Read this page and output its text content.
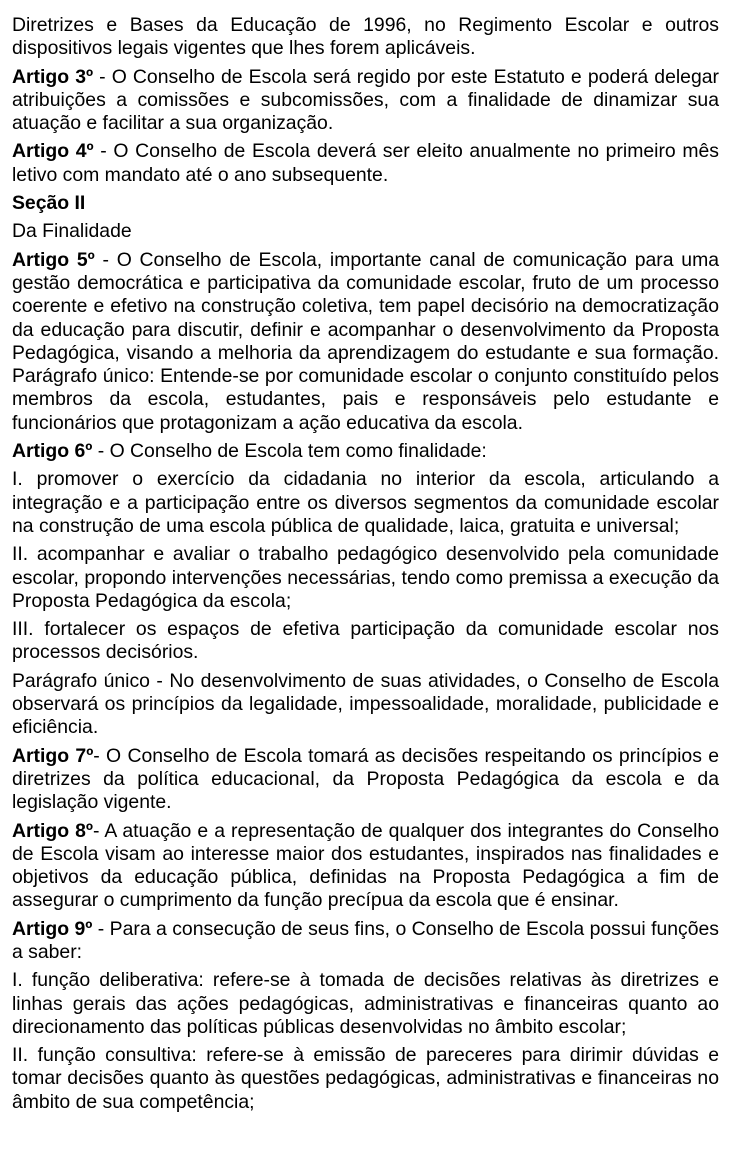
Diretrizes e Bases da Educação de 1996, no Regimento Escolar e outros dispositivos legais vigentes que lhes forem aplicáveis.

Artigo 3º - O Conselho de Escola será regido por este Estatuto e poderá delegar atribuições a comissões e subcomissões, com a finalidade de dinamizar sua atuação e facilitar a sua organização.

Artigo 4º - O Conselho de Escola deverá ser eleito anualmente no primeiro mês letivo com mandato até o ano subsequente.

Seção II

Da Finalidade

Artigo 5º - O Conselho de Escola, importante canal de comunicação para uma gestão democrática e participativa da comunidade escolar, fruto de um processo coerente e efetivo na construção coletiva, tem papel decisório na democratização da educação para discutir, definir e acompanhar o desenvolvimento da Proposta Pedagógica, visando a melhoria da aprendizagem do estudante e sua formação. Parágrafo único: Entende-se por comunidade escolar o conjunto constituído pelos membros da escola, estudantes, pais e responsáveis pelo estudante e funcionários que protagonizam a ação educativa da escola.

Artigo 6º - O Conselho de Escola tem como finalidade:

I. promover o exercício da cidadania no interior da escola, articulando a integração e a participação entre os diversos segmentos da comunidade escolar na construção de uma escola pública de qualidade, laica, gratuita e universal;

II. acompanhar e avaliar o trabalho pedagógico desenvolvido pela comunidade escolar, propondo intervenções necessárias, tendo como premissa a execução da Proposta Pedagógica da escola;

III. fortalecer os espaços de efetiva participação da comunidade escolar nos processos decisórios.

Parágrafo único - No desenvolvimento de suas atividades, o Conselho de Escola observará os princípios da legalidade, impessoalidade, moralidade, publicidade e eficiência.

Artigo 7º- O Conselho de Escola tomará as decisões respeitando os princípios e diretrizes da política educacional, da Proposta Pedagógica da escola e da legislação vigente.

Artigo 8º- A atuação e a representação de qualquer dos integrantes do Conselho de Escola visam ao interesse maior dos estudantes, inspirados nas finalidades e objetivos da educação pública, definidas na Proposta Pedagógica a fim de assegurar o cumprimento da função precípua da escola que é ensinar.

Artigo 9º - Para a consecução de seus fins, o Conselho de Escola possui funções a saber:

I. função deliberativa: refere-se à tomada de decisões relativas às diretrizes e linhas gerais das ações pedagógicas, administrativas e financeiras quanto ao direcionamento das políticas públicas desenvolvidas no âmbito escolar;

II. função consultiva: refere-se à emissão de pareceres para dirimir dúvidas e tomar decisões quanto às questões pedagógicas, administrativas e financeiras no âmbito de sua competência;
